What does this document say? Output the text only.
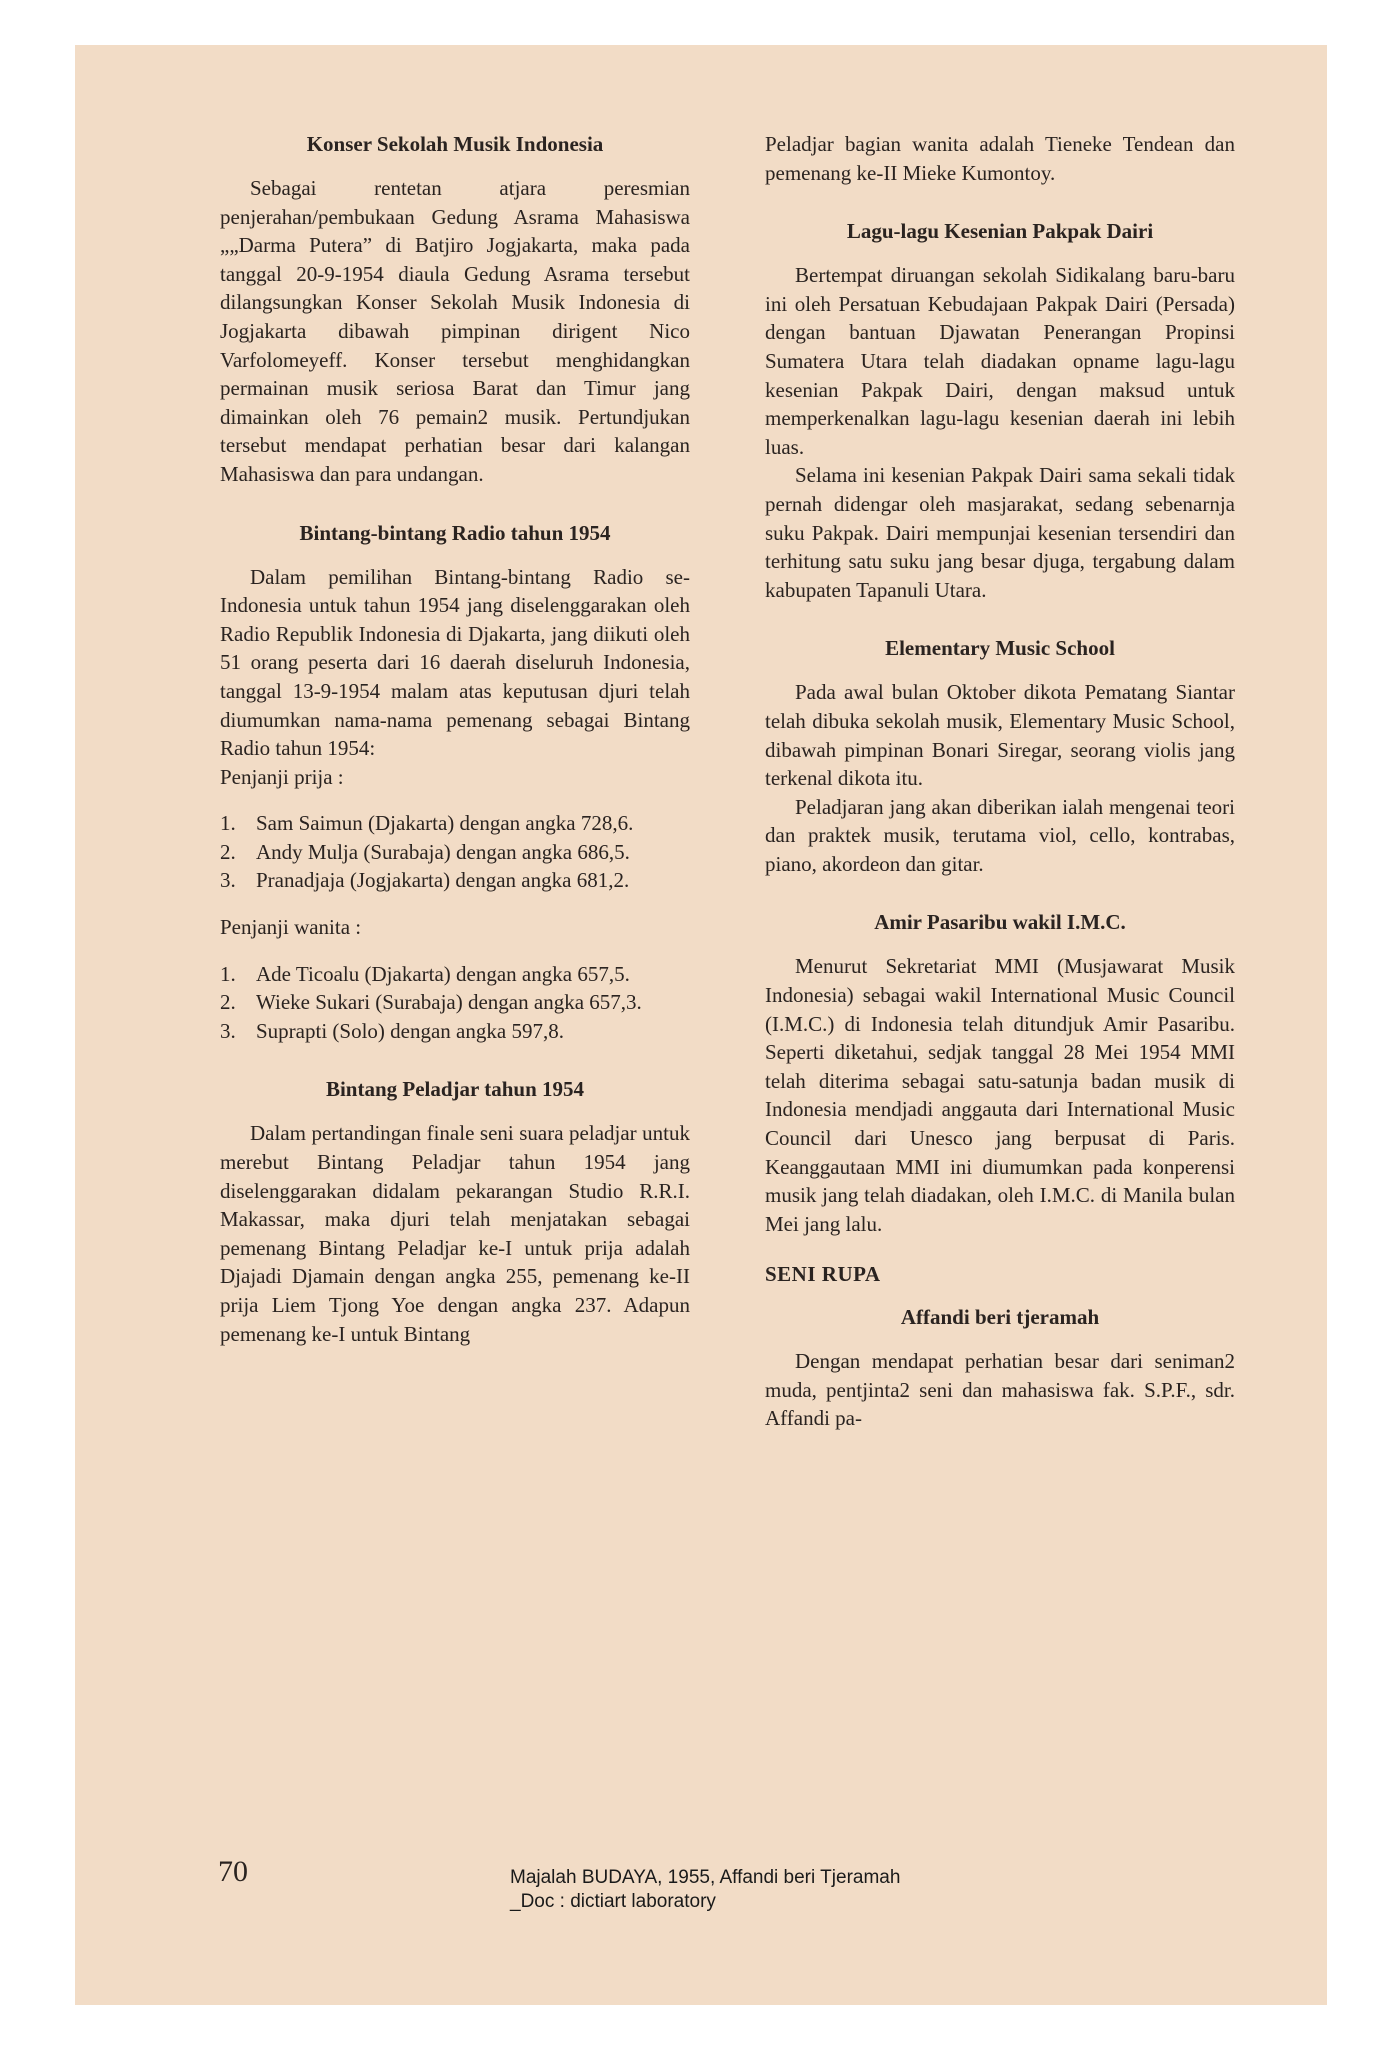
Konser Sekolah Musik Indonesia

Sebagai rentetan atjara peresmian penjerahan/pembukaan Gedung Asrama Mahasiswa „„Darma Putera” di Batjiro Jogjakarta, maka pada tanggal 20-9-1954 diaula Gedung Asrama tersebut dilangsungkan Konser Sekolah Musik Indonesia di Jogjakarta dibawah pimpinan dirigent Nico Varfolomeyeff. Konser tersebut menghidangkan permainan musik seriosa Barat dan Timur jang dimainkan oleh 76 pemain2 musik. Pertundjukan tersebut mendapat perhatian besar dari kalangan Mahasiswa dan para undangan.

Bintang-bintang Radio tahun 1954

Dalam pemilihan Bintang-bintang Radio se-Indonesia untuk tahun 1954 jang diselenggarakan oleh Radio Republik Indonesia di Djakarta, jang diikuti oleh 51 orang peserta dari 16 daerah diseluruh Indonesia, tanggal 13-9-1954 malam atas keputusan djuri telah diumumkan nama-nama pemenang sebagai Bintang Radio tahun 1954:

Penjanji prija :

1. Sam Saimun (Djakarta) dengan angka 728,6.
2. Andy Mulja (Surabaja) dengan angka 686,5.
3. Pranadjaja (Jogjakarta) dengan angka 681,2.

Penjanji wanita :

1. Ade Ticoalu (Djakarta) dengan angka 657,5.
2. Wieke Sukari (Surabaja) dengan angka 657,3.
3. Suprapti (Solo) dengan angka 597,8.
Bintang Peladjar tahun 1954

Dalam pertandingan finale seni suara peladjar untuk merebut Bintang Peladjar tahun 1954 jang diselenggarakan didalam pekarangan Studio R.R.I. Makassar, maka djuri telah menjatakan sebagai pemenang Bintang Peladjar ke-I untuk prija adalah Djajadi Djamain dengan angka 255, pemenang ke-II prija Liem Tjong Yoe dengan angka 237. Adapun pemenang ke-I untuk Bintang

Peladjar bagian wanita adalah Tieneke Tendean dan pemenang ke-II Mieke Kumontoy.

Lagu-lagu Kesenian Pakpak Dairi

Bertempat diruangan sekolah Sidikalang baru-baru ini oleh Persatuan Kebudajaan Pakpak Dairi (Persada) dengan bantuan Djawatan Penerangan Propinsi Sumatera Utara telah diadakan opname lagu-lagu kesenian Pakpak Dairi, dengan maksud untuk memperkenalkan lagu-lagu kesenian daerah ini lebih luas.

Selama ini kesenian Pakpak Dairi sama sekali tidak pernah didengar oleh masjarakat, sedang sebenarnja suku Pakpak. Dairi mempunjai kesenian tersendiri dan terhitung satu suku jang besar djuga, tergabung dalam kabupaten Tapanuli Utara.

Elementary Music School

Pada awal bulan Oktober dikota Pematang Siantar telah dibuka sekolah musik, Elementary Music School, dibawah pimpinan Bonari Siregar, seorang violis jang terkenal dikota itu.

Peladjaran jang akan diberikan ialah mengenai teori dan praktek musik, terutama viol, cello, kontrabas, piano, akordeon dan gitar.

Amir Pasaribu wakil I.M.C.

Menurut Sekretariat MMI (Musjawarat Musik Indonesia) sebagai wakil International Music Council (I.M.C.) di Indonesia telah ditundjuk Amir Pasaribu. Seperti diketahui, sedjak tanggal 28 Mei 1954 MMI telah diterima sebagai satu-satunja badan musik di Indonesia mendjadi anggauta dari International Music Council dari Unesco jang berpusat di Paris. Keanggautaan MMI ini diumumkan pada konperensi musik jang telah diadakan, oleh I.M.C. di Manila bulan Mei jang lalu.

SENI RUPA
Affandi beri tjeramah

Dengan mendapat perhatian besar dari seniman2 muda, pentjinta2 seni dan mahasiswa fak. S.P.F., sdr. Affandi pa-

70	Majalah BUDAYA, 1955, Affandi beri Tjeramah
_Doc : dictiart laboratory
